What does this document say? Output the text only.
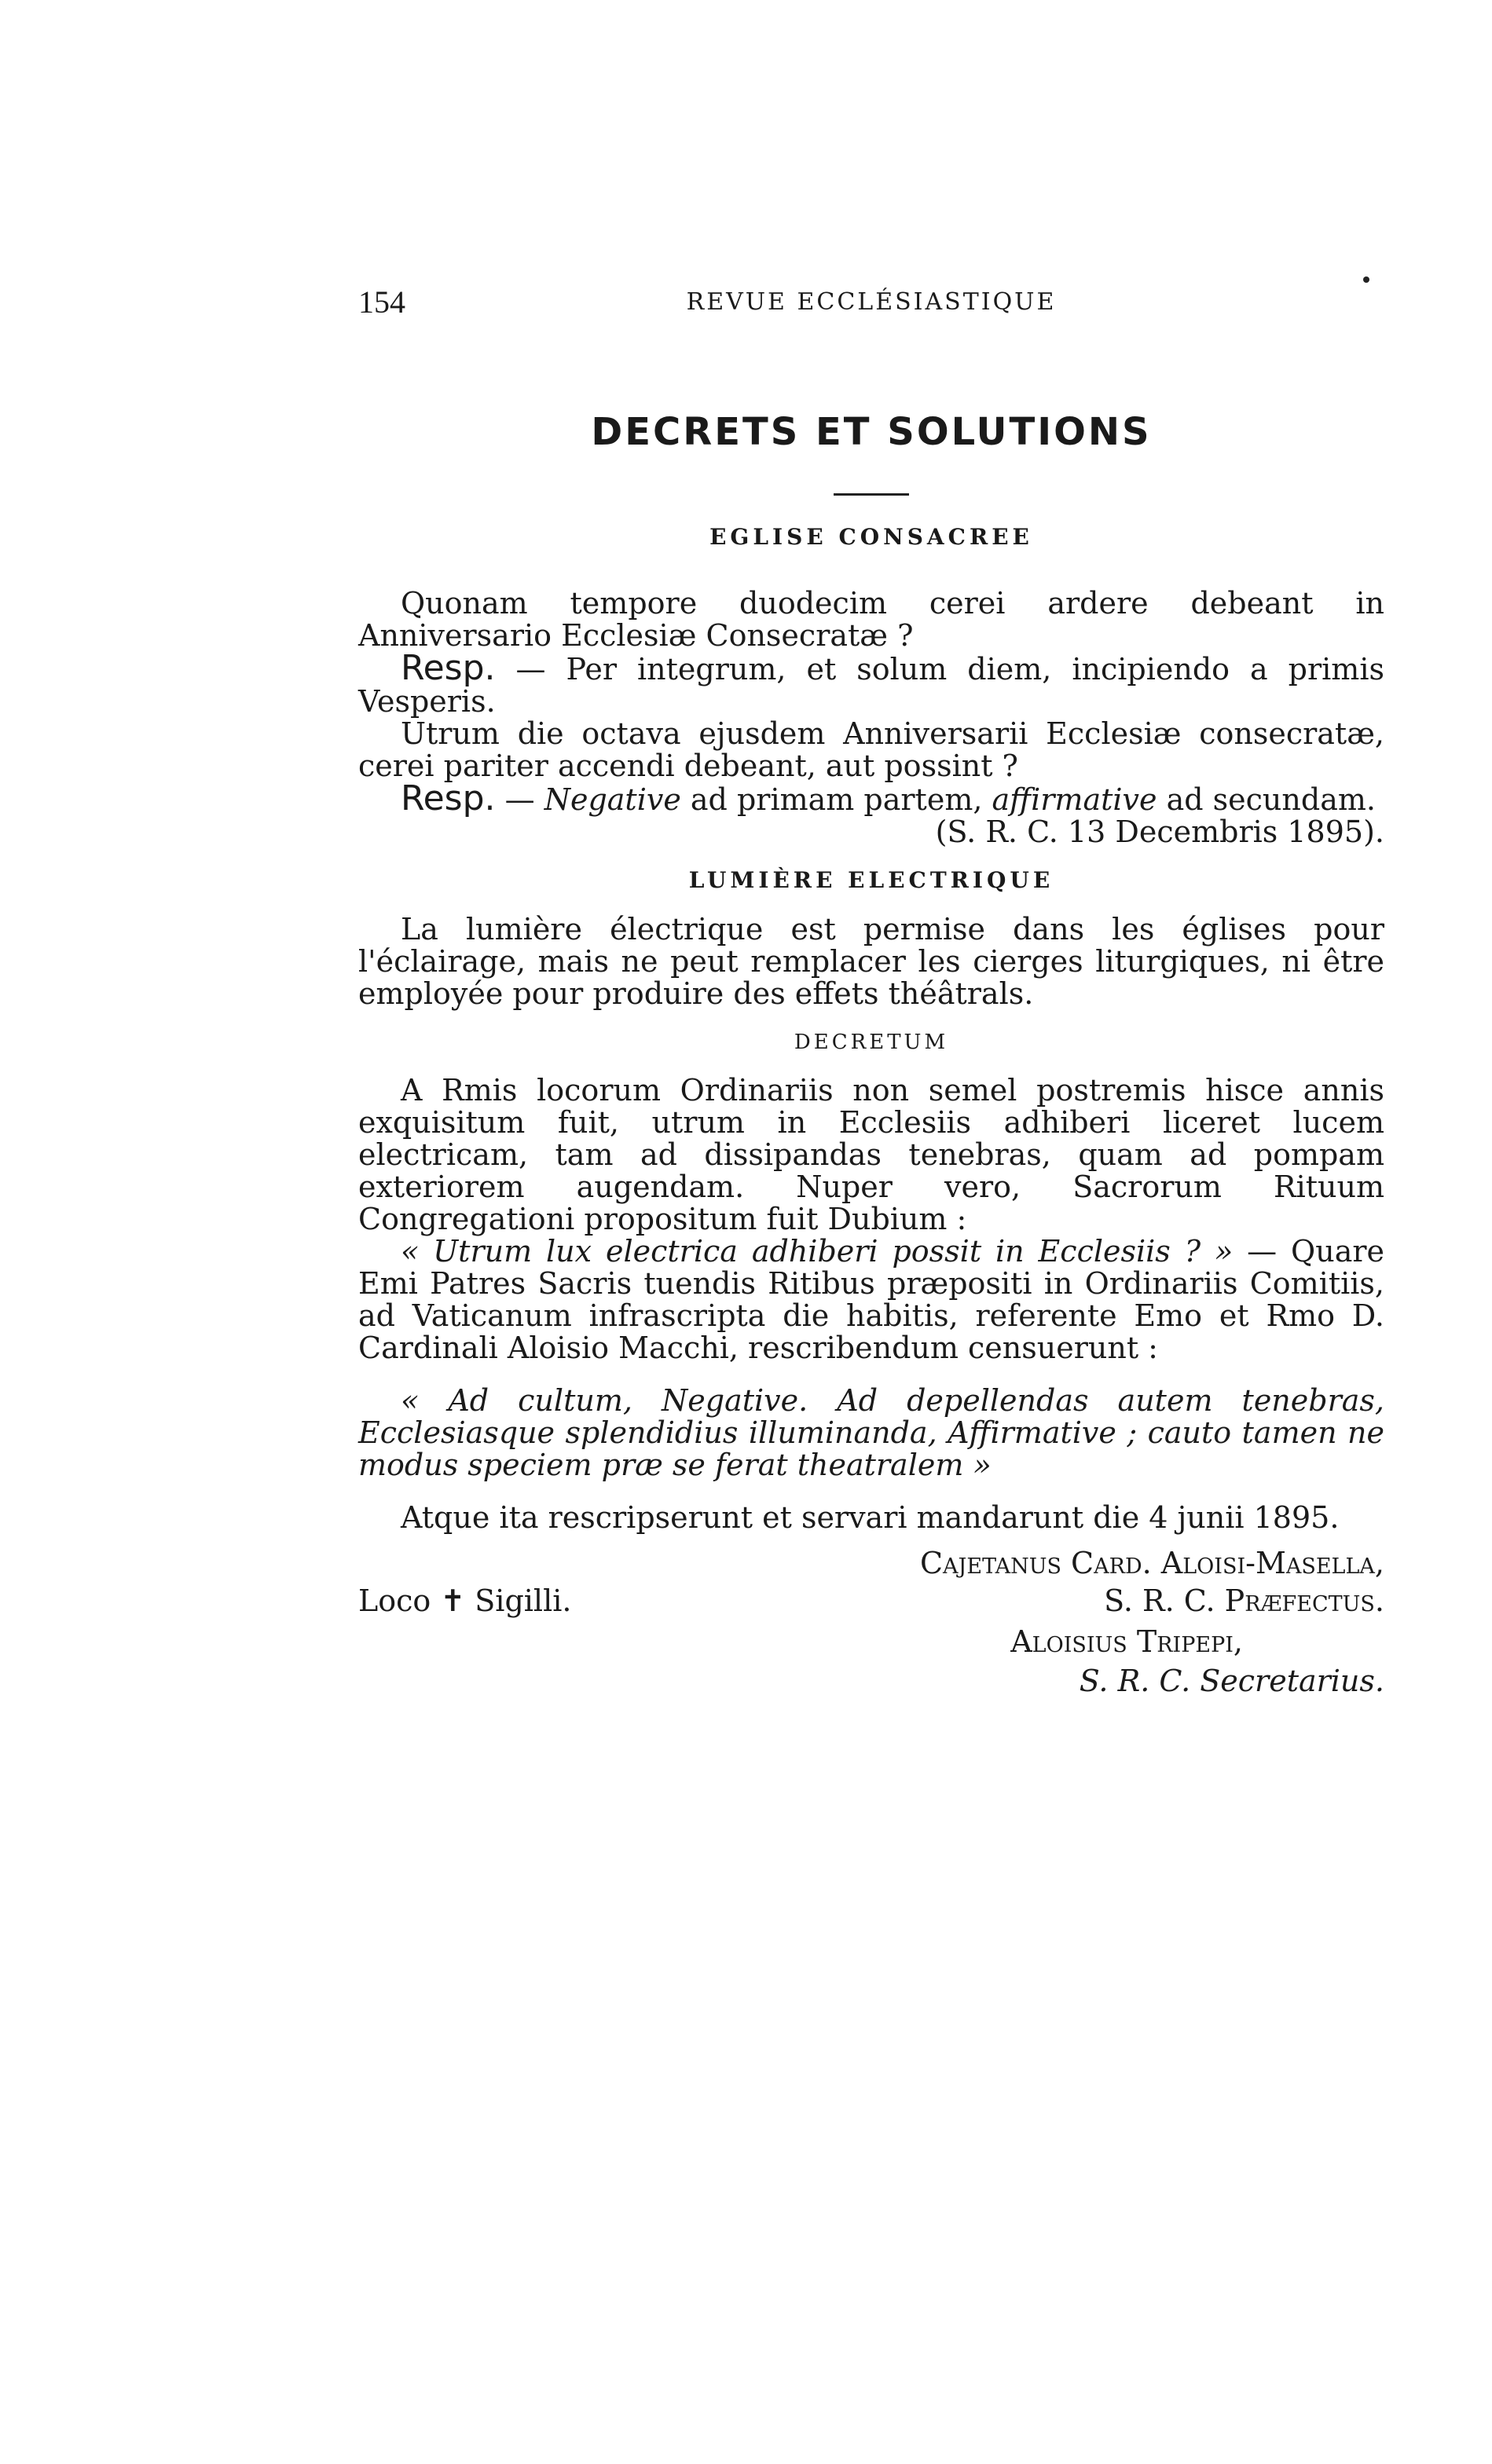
154	REVUE ECCLÉSIASTIQUE
DECRETS ET SOLUTIONS
EGLISE CONSACREE

Quonam tempore duodecim cerei ardere debeant in Anniversario Ecclesiæ Consecratæ ?

Resp. — Per integrum, et solum diem, incipiendo a primis Vesperis.

Utrum die octava ejusdem Anniversarii Ecclesiæ consecratæ, cerei pariter accendi debeant, aut possint ?

Resp. — Negative ad primam partem, affirmative ad secundam.

(S. R. C. 13 Decembris 1895).

LUMIÈRE ELECTRIQUE

La lumière électrique est permise dans les églises pour l'éclairage, mais ne peut remplacer les cierges liturgiques, ni être employée pour produire des effets théâtrals.

DECRETUM

A Rmis locorum Ordinariis non semel postremis hisce annis exquisitum fuit, utrum in Ecclesiis adhiberi liceret lucem electricam, tam ad dissipandas tenebras, quam ad pompam exteriorem augendam. Nuper vero, Sacrorum Rituum Congregationi propositum fuit Dubium :

« Utrum lux electrica adhiberi possit in Ecclesiis ? » — Quare Emi Patres Sacris tuendis Ritibus præpositi in Ordinariis Comitiis, ad Vaticanum infrascripta die habitis, referente Emo et Rmo D. Cardinali Aloisio Macchi, rescribendum censuerunt :

« Ad cultum, Negative. Ad depellendas autem tenebras, Ecclesiasque splendidius illuminanda, Affirmative ; cauto tamen ne modus speciem præ se ferat theatralem »

Atque ita rescripserunt et servari mandarunt die 4 junii 1895.

Cajetanus Card. Aloisi-Masella,
Loco ✝ Sigilli.	S. R. C. Præfectus.
Aloisius Tripepi,
S. R. C. Secretarius.
